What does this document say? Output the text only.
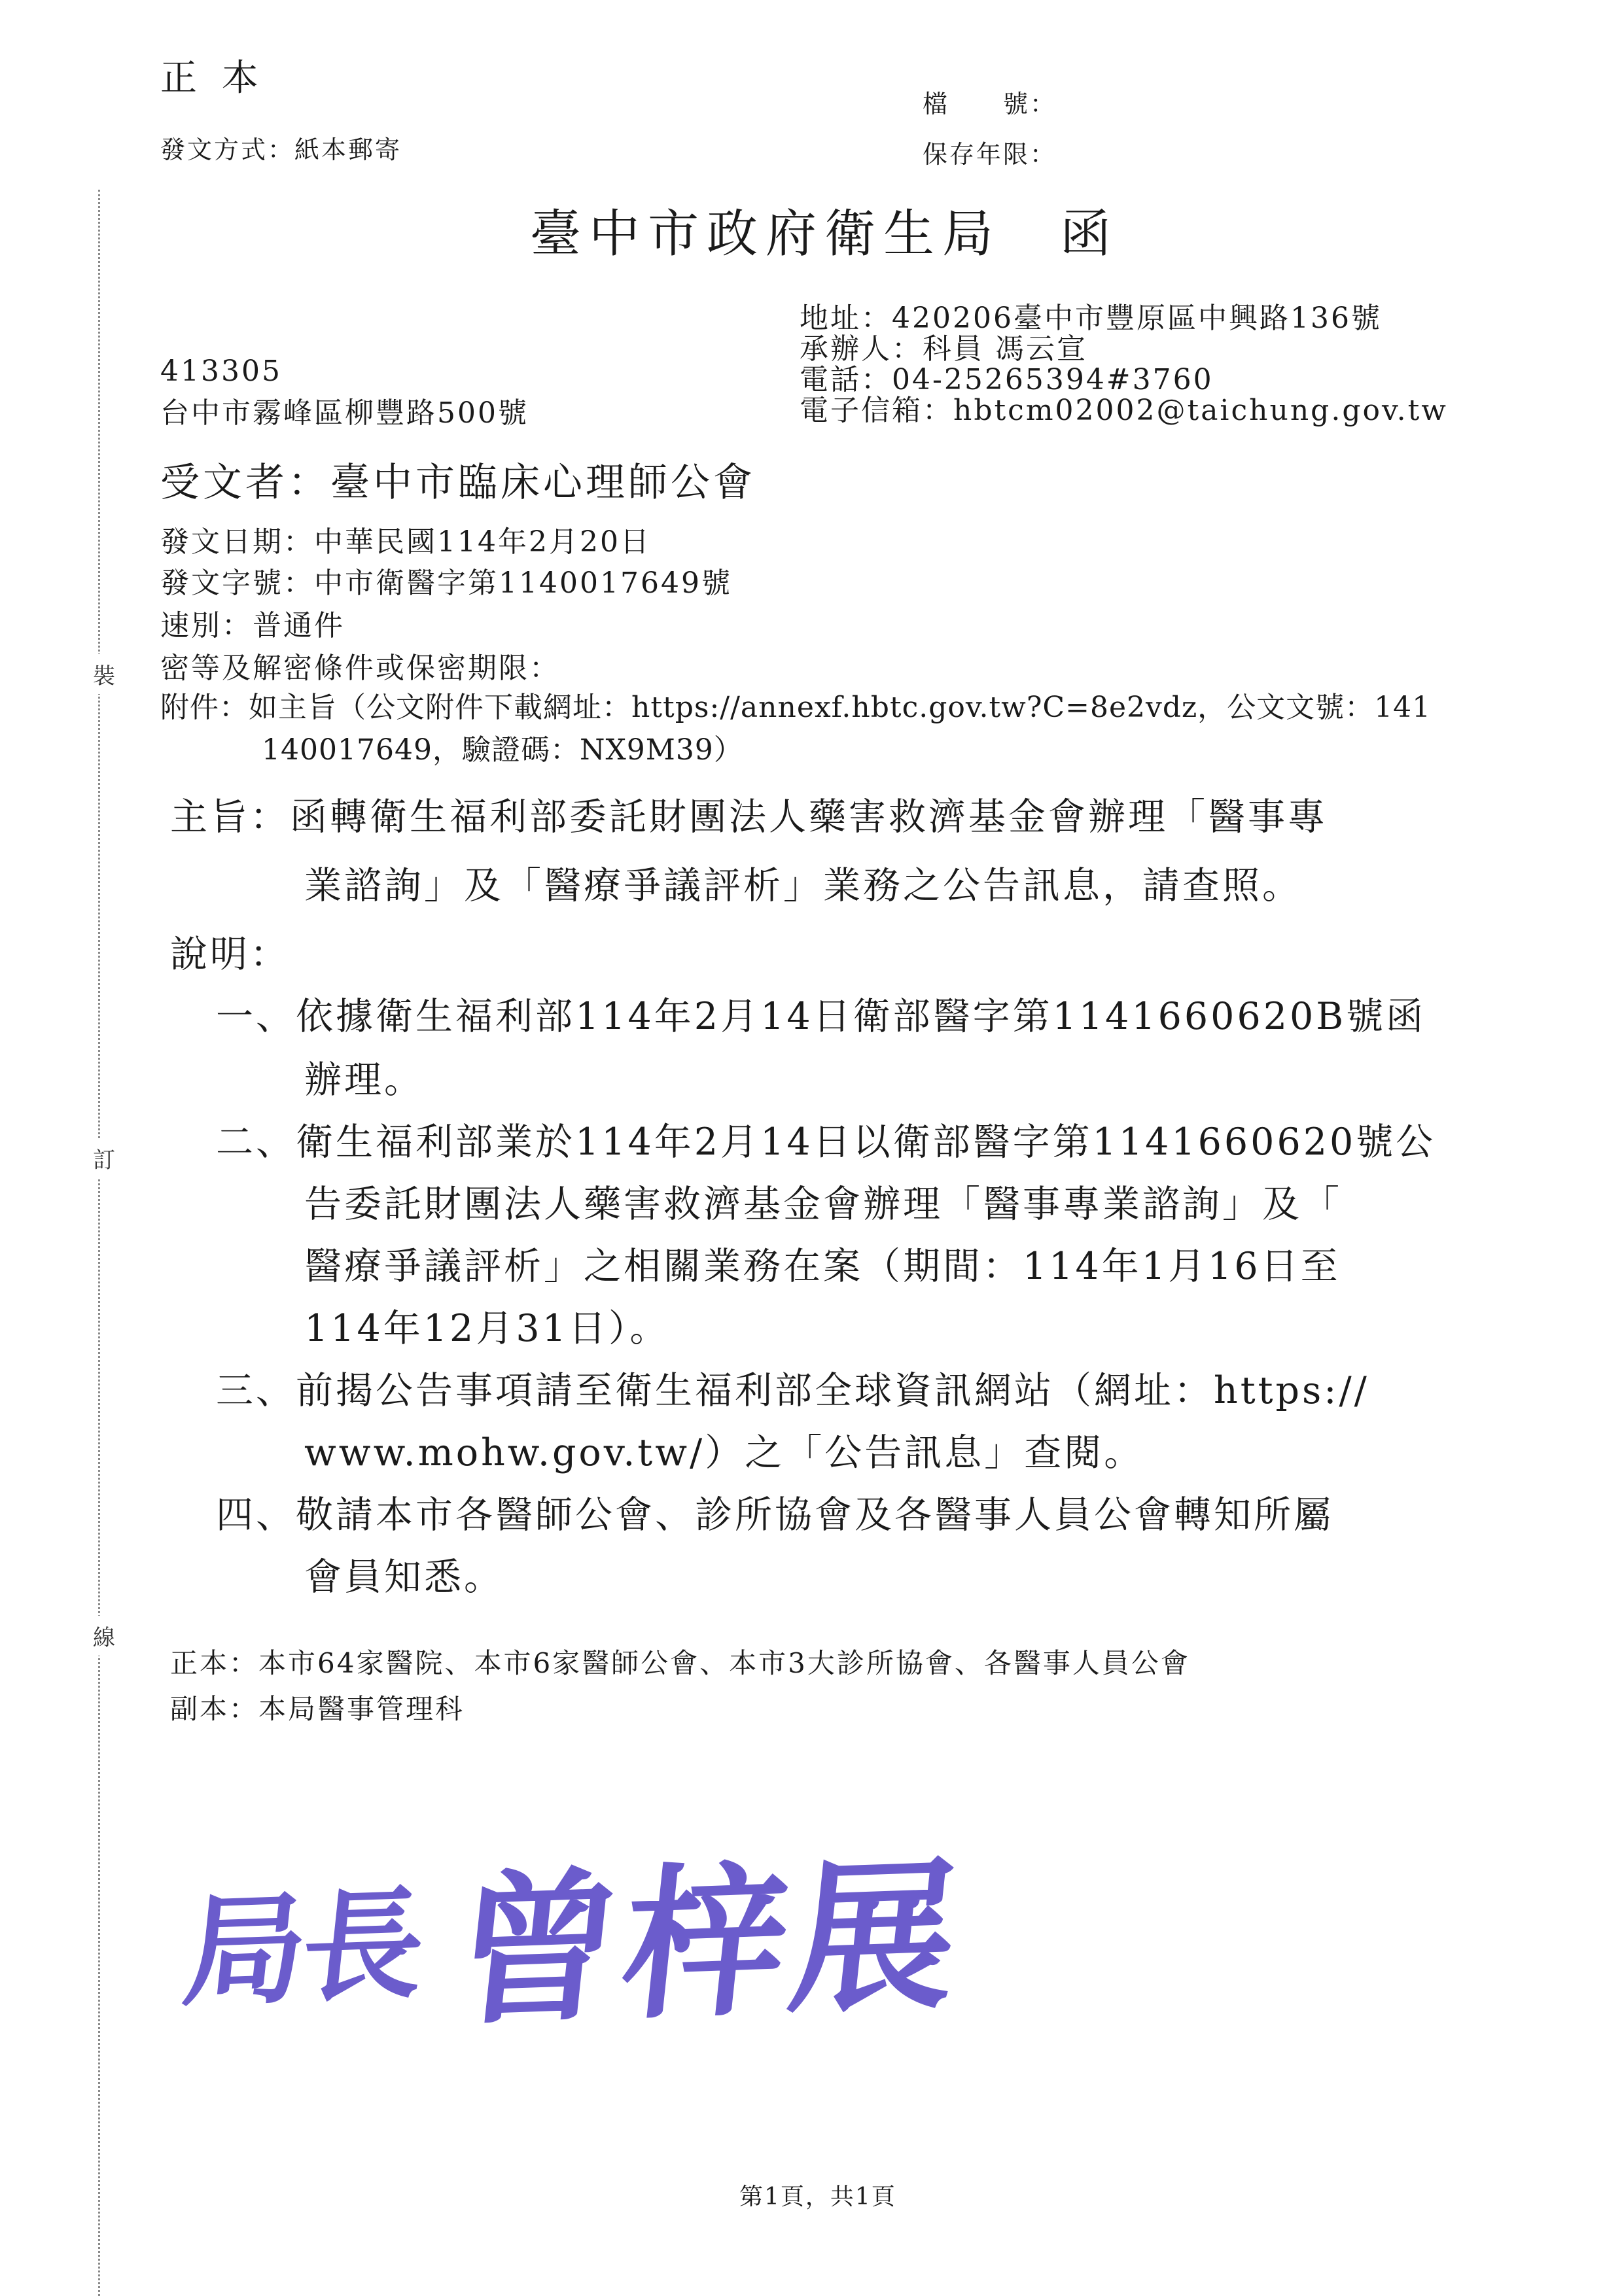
裝
訂
線
正 本
發文方式：紙本郵寄
檔　　號：
保存年限：
臺中市政府衛生局　函
地址：420206臺中市豐原區中興路136號
承辦人：科員 馮云宣
電話：04-25265394#3760
電子信箱：hbtcm02002@taichung.gov.tw
413305
台中市霧峰區柳豐路500號
受文者：臺中市臨床心理師公會
發文日期：中華民國114年2月20日
發文字號：中市衛醫字第1140017649號
速別：普通件
密等及解密條件或保密期限：
附件：如主旨（公文附件下載網址：https://annexf.hbtc.gov.tw?C=8e2vdz，公文文號：141
140017649，驗證碼：NX9M39）
主旨：函轉衛生福利部委託財團法人藥害救濟基金會辦理「醫事專
業諮詢」及「醫療爭議評析」業務之公告訊息，請查照。
說明：
一、依據衛生福利部114年2月14日衛部醫字第1141660620B號函
辦理。
二、衛生福利部業於114年2月14日以衛部醫字第1141660620號公
告委託財團法人藥害救濟基金會辦理「醫事專業諮詢」及「
醫療爭議評析」之相關業務在案（期間：114年1月16日至
114年12月31日）。
三、前揭公告事項請至衛生福利部全球資訊網站（網址：https://
www.mohw.gov.tw/）之「公告訊息」查閱。
四、敬請本市各醫師公會、診所協會及各醫事人員公會轉知所屬
會員知悉。
正本：本市64家醫院、本市6家醫師公會、本市3大診所協會、各醫事人員公會
副本：本局醫事管理科
局長 曾梓展
第1頁，共1頁
